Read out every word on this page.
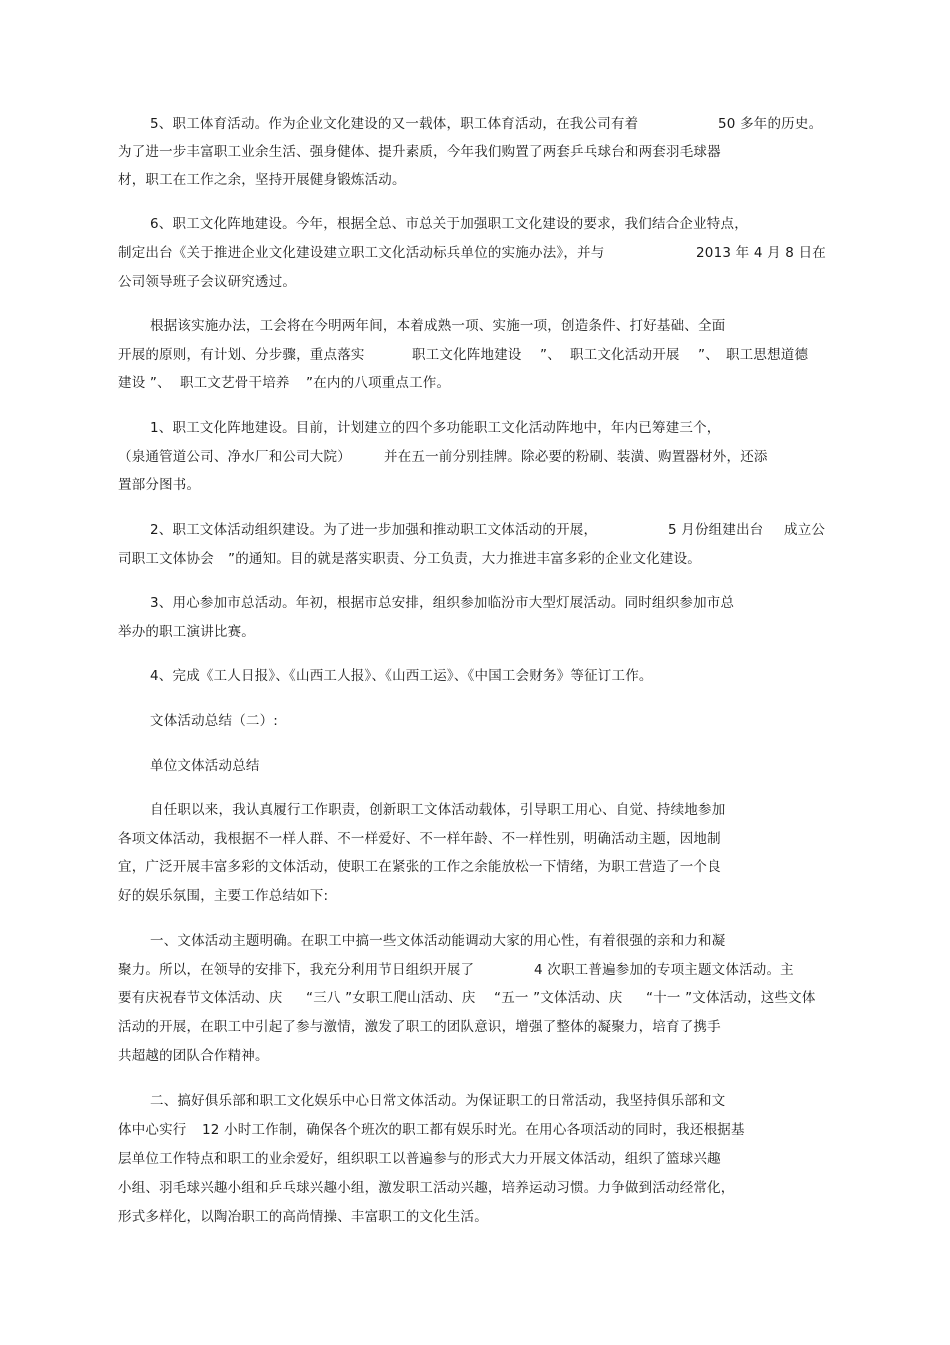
5、职工体育活动。作为企业文化建设的又一载体，职工体育活动，在我公司有着	50 多年的历史。
为了进一步丰富职工业余生活、强身健体、提升素质，今年我们购置了两套乒乓球台和两套羽毛球器
材，职工在工作之余，坚持开展健身锻炼活动。
6、职工文化阵地建设。今年，根据全总、市总关于加强职工文化建设的要求，我们结合企业特点，
制定出台《关于推进企业文化建设建立职工文化活动标兵单位的实施办法》，并与	2013 年 4 月 8 日在
公司领导班子会议研究透过。
根据该实施办法，工会将在今明两年间，本着成熟一项、实施一项，创造条件、打好基础、全面
开展的原则，有计划、分步骤，重点落实	职工文化阵地建设 ”、 职工文化活动开展 ”、 职工思想道德
建设 ”、 职工文艺骨干培养 ”在内的八项重点工作。
1、职工文化阵地建设。目前，计划建立的四个多功能职工文化活动阵地中，年内已筹建三个，
（泉通管道公司、净水厂和公司大院） 并在五一前分别挂牌。除必要的粉刷、装潢、购置器材外，还添
置部分图书。
2、职工文体活动组织建设。为了进一步加强和推动职工文体活动的开展，	5 月份组建出台 成立公
司职工文体协会 ”的通知。目的就是落实职责、分工负责，大力推进丰富多彩的企业文化建设。
3、用心参加市总活动。年初，根据市总安排，组织参加临汾市大型灯展活动。同时组织参加市总
举办的职工演讲比赛。
4、完成《工人日报》、《山西工人报》、《山西工运》、《中国工会财务》等征订工作。
文体活动总结（二）:
单位文体活动总结
自任职以来，我认真履行工作职责，创新职工文体活动载体，引导职工用心、自觉、持续地参加
各项文体活动，我根据不一样人群、不一样爱好、不一样年龄、不一样性别，明确活动主题，因地制
宜，广泛开展丰富多彩的文体活动，使职工在紧张的工作之余能放松一下情绪，为职工营造了一个良
好的娱乐氛围，主要工作总结如下:
一、文体活动主题明确。在职工中搞一些文体活动能调动大家的用心性，有着很强的亲和力和凝
聚力。所以，在领导的安排下，我充分利用节日组织开展了	4 次职工普遍参加的专项主题文体活动。主
要有庆祝春节文体活动、庆 “三八 ”女职工爬山活动、庆 “五一 ”文体活动、庆 “十一 ”文体活动，这些文体
活动的开展，在职工中引起了参与激情，激发了职工的团队意识，增强了整体的凝聚力，培育了携手
共超越的团队合作精神。
二、搞好俱乐部和职工文化娱乐中心日常文体活动。为保证职工的日常活动，我坚持俱乐部和文
体中心实行 12 小时工作制，确保各个班次的职工都有娱乐时光。在用心各项活动的同时，我还根据基
层单位工作特点和职工的业余爱好，组织职工以普遍参与的形式大力开展文体活动，组织了篮球兴趣
小组、羽毛球兴趣小组和乒乓球兴趣小组，激发职工活动兴趣，培养运动习惯。力争做到活动经常化，
形式多样化，以陶冶职工的高尚情操、丰富职工的文化生活。
